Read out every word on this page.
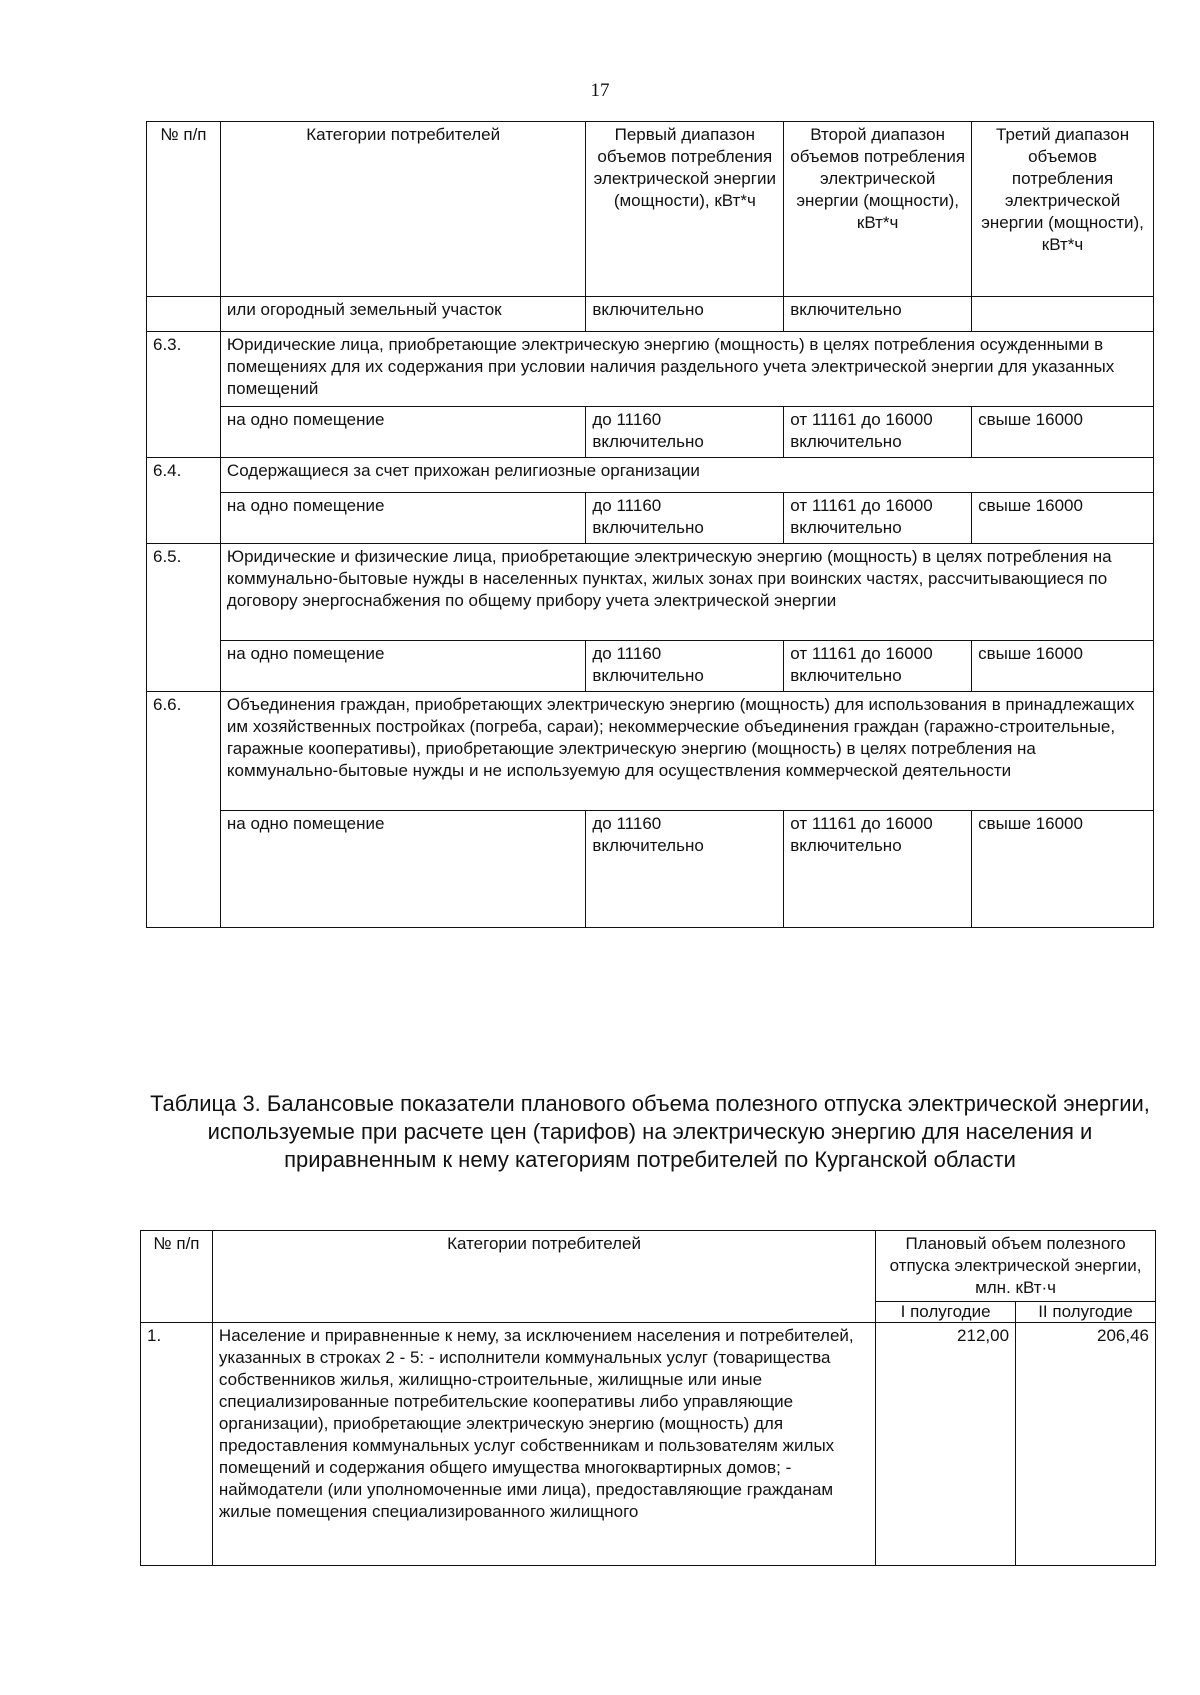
17
№ п/п	Категории потребителей	Первый диапазон объемов потребления электрической энергии (мощности), кВт*ч	Второй диапазон объемов потребления электрической энергии (мощности), кВт*ч	Третий диапазон объемов потребления электрической энергии (мощности), кВт*ч
	или огородный земельный участок	включительно	включительно	
6.3.	Юридические лица, приобретающие электрическую энергию (мощность) в целях потребления осужденными в помещениях для их содержания при условии наличия раздельного учета электрической энергии для указанных помещений			
	на одно помещение	до 11160 включительно	от 11161 до 16000 включительно	свыше 16000
6.4.	Содержащиеся за счет прихожан религиозные организации			
	на одно помещение	до 11160 включительно	от 11161 до 16000 включительно	свыше 16000
6.5.	Юридические и физические лица, приобретающие электрическую энергию (мощность) в целях потребления на коммунально-бытовые нужды в населенных пунктах, жилых зонах при воинских частях, рассчитывающиеся по договору энергоснабжения по общему прибору учета электрической энергии			
	на одно помещение	до 11160 включительно	от 11161 до 16000 включительно	свыше 16000
6.6.	Объединения граждан, приобретающих электрическую энергию (мощность) для использования в принадлежащих им хозяйственных постройках (погреба, сараи); некоммерческие объединения граждан (гаражно-строительные, гаражные кооперативы), приобретающие электрическую энергию (мощность) в целях потребления на коммунально-бытовые нужды и не используемую для осуществления коммерческой деятельности			
	на одно помещение	до 11160 включительно	от 11161 до 16000 включительно	свыше 16000
Таблица 3. Балансовые показатели планового объема полезного отпуска электрической энергии, используемые при расчете цен (тарифов) на электрическую энергию для населения и приравненным к нему категориям потребителей по Курганской области
№ п/п	Категории потребителей	Плановый объем полезного отпуска электрической энергии, млн. кВт·ч	
		I полугодие	II полугодие
1.	Население и приравненные к нему, за исключением населения и потребителей, указанных в строках 2 - 5: - исполнители коммунальных услуг (товарищества собственников жилья, жилищно-строительные, жилищные или иные специализированные потребительские кооперативы либо управляющие организации), приобретающие электрическую энергию (мощность) для предоставления коммунальных услуг собственникам и пользователям жилых помещений и содержания общего имущества многоквартирных домов; - наймодатели (или уполномоченные ими лица), предоставляющие гражданам жилые помещения специализированного жилищного	212,00	206,46
